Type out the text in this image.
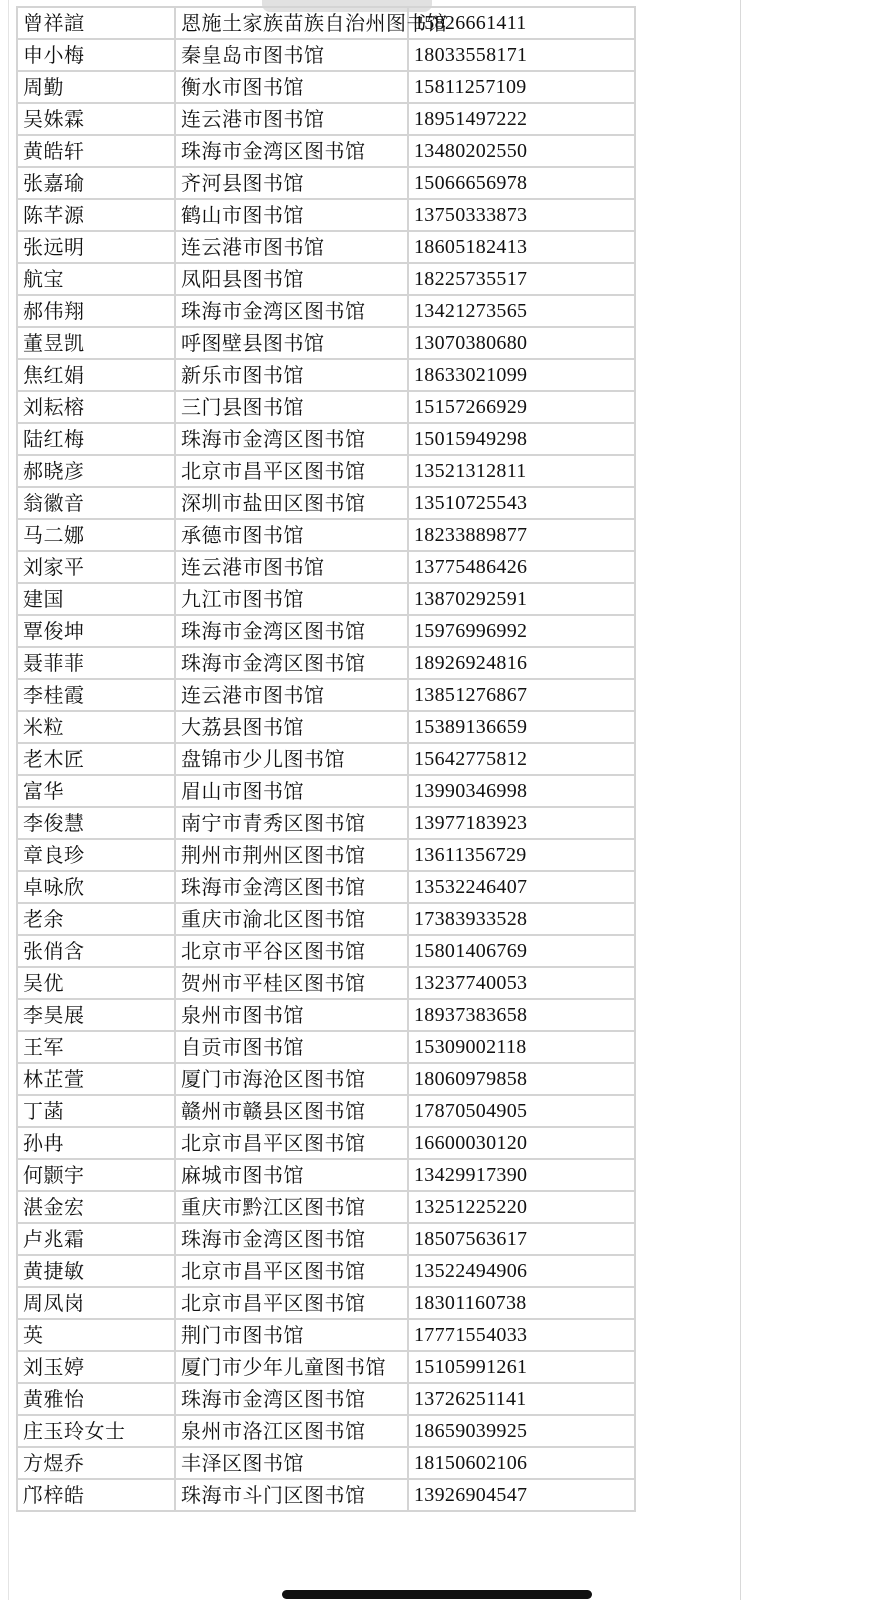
曾祥諠	恩施土家族苗族自治州图书馆	15826661411
申小梅	秦皇岛市图书馆	18033558171
周勤	衡水市图书馆	15811257109
吴姝霖	连云港市图书馆	18951497222
黄皓轩	珠海市金湾区图书馆	13480202550
张嘉瑜	齐河县图书馆	15066656978
陈芊源	鹤山市图书馆	13750333873
张远明	连云港市图书馆	18605182413
航宝	凤阳县图书馆	18225735517
郝伟翔	珠海市金湾区图书馆	13421273565
董昱凯	呼图壁县图书馆	13070380680
焦红娟	新乐市图书馆	18633021099
刘耘榕	三门县图书馆	15157266929
陆红梅	珠海市金湾区图书馆	15015949298
郝晓彦	北京市昌平区图书馆	13521312811
翁徽音	深圳市盐田区图书馆	13510725543
马二娜	承德市图书馆	18233889877
刘家平	连云港市图书馆	13775486426
建国	九江市图书馆	13870292591
覃俊坤	珠海市金湾区图书馆	15976996992
聂菲菲	珠海市金湾区图书馆	18926924816
李桂霞	连云港市图书馆	13851276867
米粒	大荔县图书馆	15389136659
老木匠	盘锦市少儿图书馆	15642775812
富华	眉山市图书馆	13990346998
李俊慧	南宁市青秀区图书馆	13977183923
章良珍	荆州市荆州区图书馆	13611356729
卓咏欣	珠海市金湾区图书馆	13532246407
老余	重庆市渝北区图书馆	17383933528
张俏含	北京市平谷区图书馆	15801406769
吴优	贺州市平桂区图书馆	13237740053
李昊展	泉州市图书馆	18937383658
王军	自贡市图书馆	15309002118
林芷萱	厦门市海沧区图书馆	18060979858
丁菡	赣州市赣县区图书馆	17870504905
孙冉	北京市昌平区图书馆	16600030120
何颢宇	麻城市图书馆	13429917390
湛金宏	重庆市黔江区图书馆	13251225220
卢兆霜	珠海市金湾区图书馆	18507563617
黄捷敏	北京市昌平区图书馆	13522494906
周凤岗	北京市昌平区图书馆	18301160738
英	荆门市图书馆	17771554033
刘玉婷	厦门市少年儿童图书馆	15105991261
黄雅怡	珠海市金湾区图书馆	13726251141
庄玉玲女士	泉州市洛江区图书馆	18659039925
方煜乔	丰泽区图书馆	18150602106
邝梓皓	珠海市斗门区图书馆	13926904547
